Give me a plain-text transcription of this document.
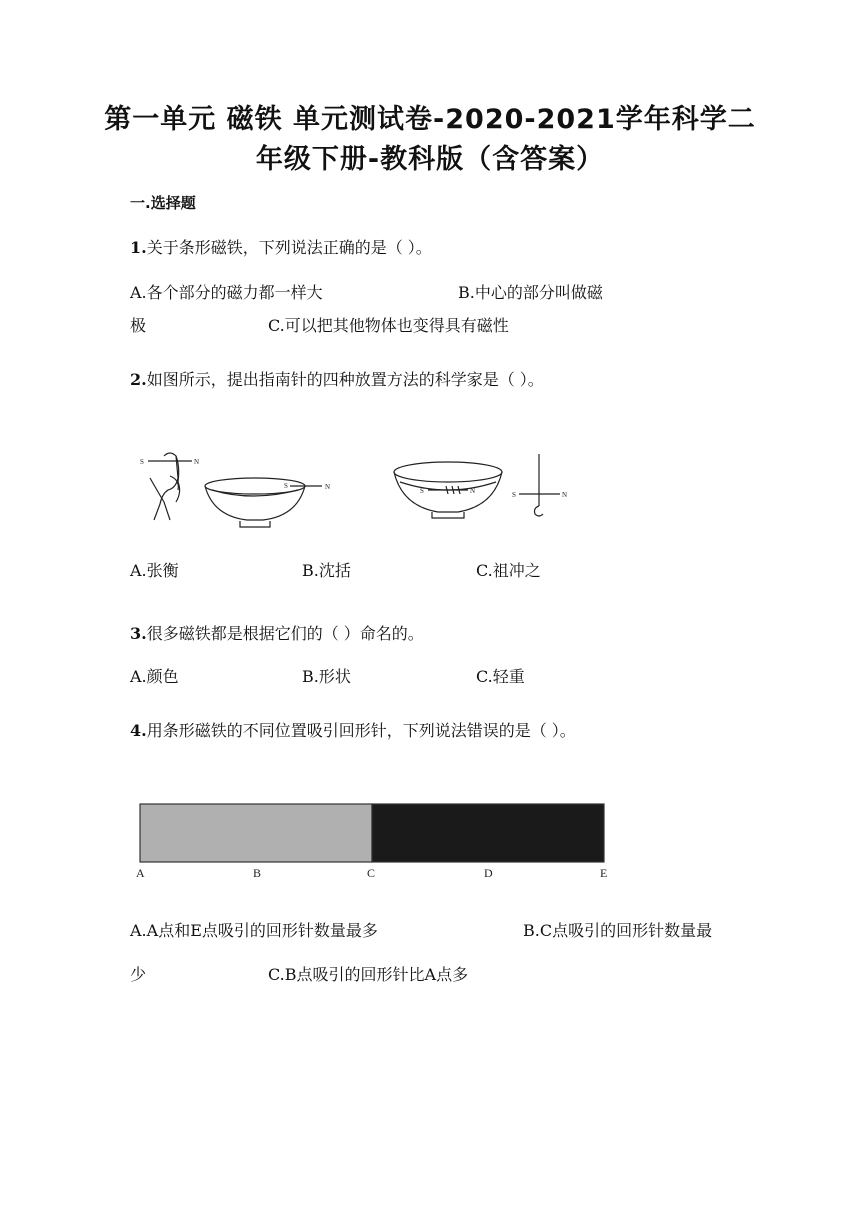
第一单元 磁铁 单元测试卷-2020-2021学年科学二
年级下册-教科版（含答案）
一.选择题
1.关于条形磁铁，下列说法正确的是（ ）。
A.各个部分的磁力都一样大	B.中心的部分叫做磁
极	C.可以把其他物体也变得具有磁性
2.如图所示，提出指南针的四种放置方法的科学家是（ ）。
S	N
S	N	S	N	S	N
A.张衡	B.沈括	C.祖冲之
3.很多磁铁都是根据它们的（ ）命名的。
A.颜色	B.形状	C.轻重
4.用条形磁铁的不同位置吸引回形针，下列说法错误的是（ ）。
A	B	C	D	E
A.A点和E点吸引的回形针数量最多	B.C点吸引的回形针数量最
少	C.B点吸引的回形针比A点多
